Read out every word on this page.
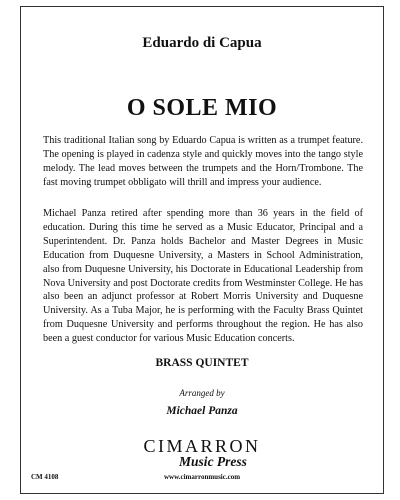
Eduardo di Capua
O SOLE MIO

This traditional Italian song by Eduardo Capua is written as a trumpet feature. The opening is played in cadenza style and quickly moves into the tango style melody. The lead moves between the trumpets and the Horn/Trombone. The fast moving trumpet obbligato will thrill and impress your audience.

Michael Panza retired after spending more than 36 years in the field of education. During this time he served as a Music Educator, Principal and a Superintendent. Dr. Panza holds Bachelor and Master Degrees in Music Education from Duquesne University, a Masters in School Administration, also from Duquesne University, his Doctorate in Educational Leadership from Nova University and post Doctorate credits from Westminster College. He has also been an adjunct professor at Robert Morris University and Duquesne University. As a Tuba Major, he is performing with the Faculty Brass Quintet from Duquesne University and performs throughout the region. He has also been a guest conductor for various Music Education concerts.

BRASS QUINTET
Arranged by
Michael Panza
CIMARRON
Music Press
CM 4108	www.cimarronmusic.com
